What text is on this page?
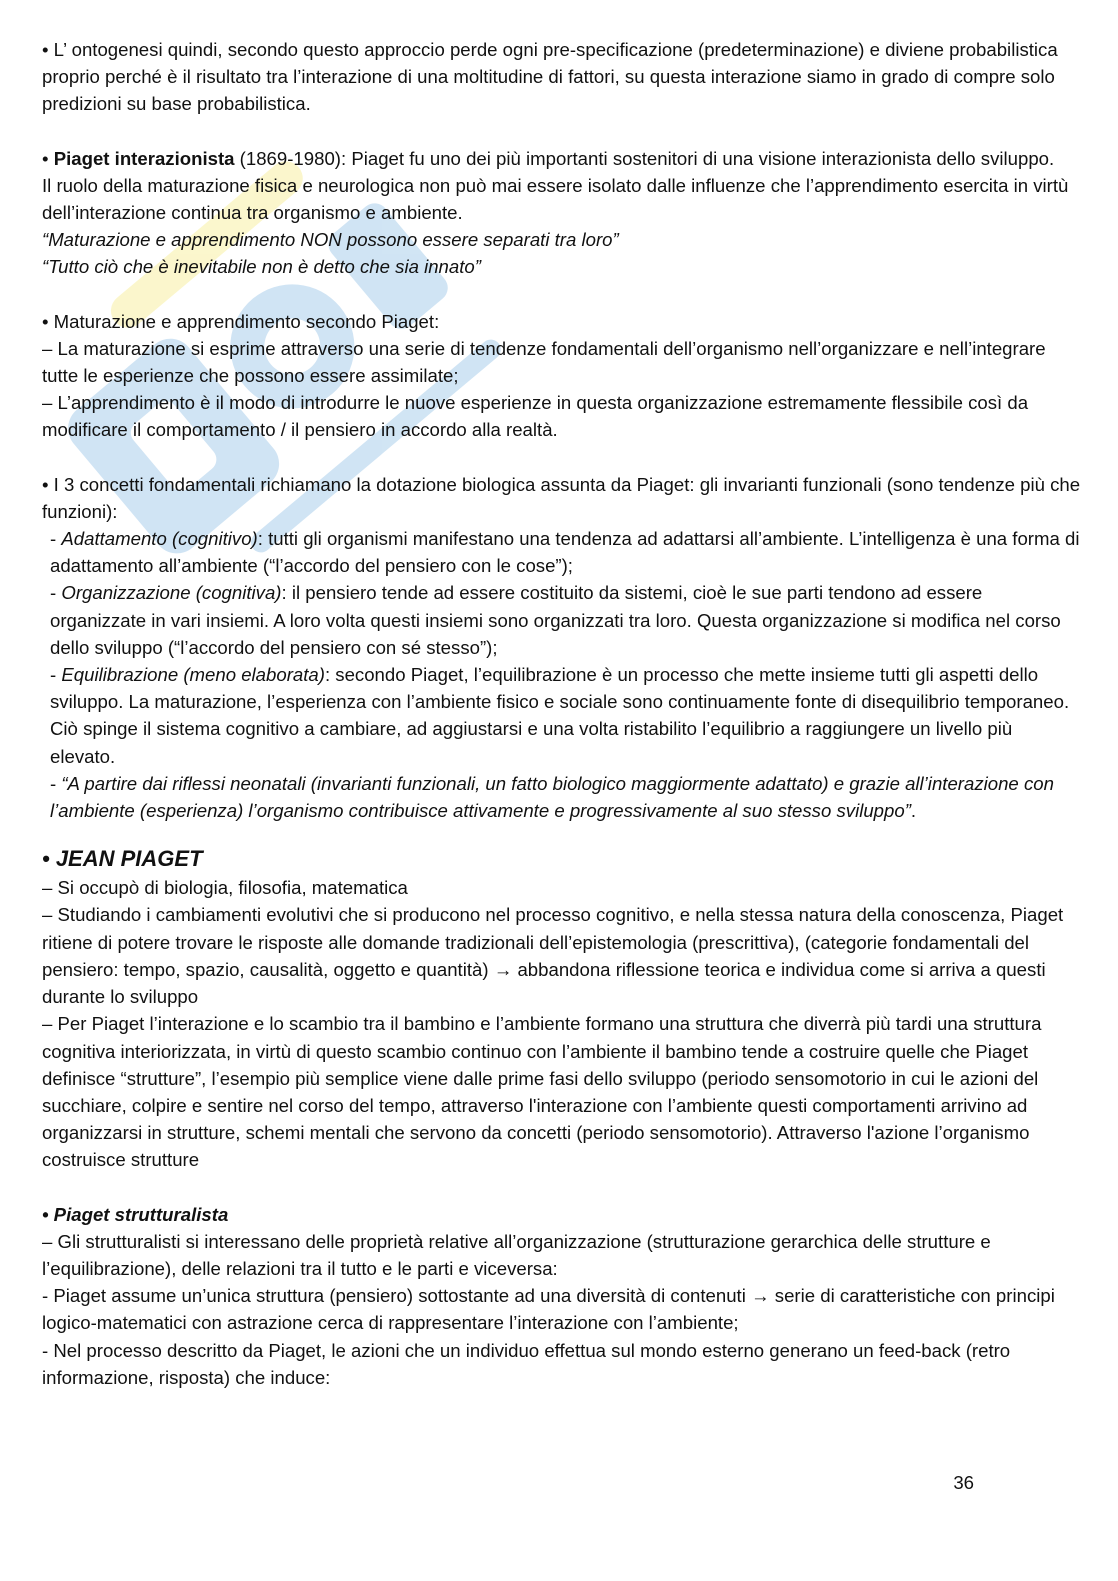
• L’ ontogenesi quindi, secondo questo approccio perde ogni pre-specificazione (predeterminazione) e diviene probabilistica proprio perché è il risultato tra l’interazione di una moltitudine di fattori, su questa interazione siamo in grado di compre solo predizioni su base probabilistica.

• Piaget interazionista (1869-1980): Piaget fu uno dei più importanti sostenitori di una visione interazionista dello sviluppo.

Il ruolo della maturazione fisica e neurologica non può mai essere isolato dalle influenze che l’apprendimento esercita in virtù dell’interazione continua tra organismo e ambiente.

“Maturazione e apprendimento NON possono essere separati tra loro”

“Tutto ciò che è inevitabile non è detto che sia innato”

• Maturazione e apprendimento secondo Piaget:

– La maturazione si esprime attraverso una serie di tendenze fondamentali dell’organismo nell’organizzare e nell’integrare tutte le esperienze che possono essere assimilate;

– L’apprendimento è il modo di introdurre le nuove esperienze in questa organizzazione estremamente flessibile così da modificare il comportamento / il pensiero in accordo alla realtà.

• I 3 concetti fondamentali richiamano la dotazione biologica assunta da Piaget: gli invarianti funzionali (sono tendenze più che funzioni):

- Adattamento (cognitivo): tutti gli organismi manifestano una tendenza ad adattarsi all’ambiente. L’intelligenza è una forma di adattamento all’ambiente (“l’accordo del pensiero con le cose”);

- Organizzazione (cognitiva): il pensiero tende ad essere costituito da sistemi, cioè le sue parti tendono ad essere organizzate in vari insiemi. A loro volta questi insiemi sono organizzati tra loro. Questa organizzazione si modifica nel corso dello sviluppo (“l’accordo del pensiero con sé stesso”);

- Equilibrazione (meno elaborata): secondo Piaget, l’equilibrazione è un processo che mette insieme tutti gli aspetti dello sviluppo. La maturazione, l’esperienza con l’ambiente fisico e sociale sono continuamente fonte di disequilibrio temporaneo. Ciò spinge il sistema cognitivo a cambiare, ad aggiustarsi e una volta ristabilito l’equilibrio a raggiungere un livello più elevato.

- “A partire dai riflessi neonatali (invarianti funzionali, un fatto biologico maggiormente adattato) e grazie all’interazione con l’ambiente (esperienza) l’organismo contribuisce attivamente e progressivamente al suo stesso sviluppo”.

• JEAN PIAGET

– Si occupò di biologia, filosofia, matematica

– Studiando i cambiamenti evolutivi che si producono nel processo cognitivo, e nella stessa natura della conoscenza, Piaget ritiene di potere trovare le risposte alle domande tradizionali dell’epistemologia (prescrittiva), (categorie fondamentali del pensiero: tempo, spazio, causalità, oggetto e quantità) → abbandona riflessione teorica e individua come si arriva a questi durante lo sviluppo

– Per Piaget l’interazione e lo scambio tra il bambino e l’ambiente formano una struttura che diverrà più tardi una struttura cognitiva interiorizzata, in virtù di questo scambio continuo con l’ambiente il bambino tende a costruire quelle che Piaget definisce “strutture”, l’esempio più semplice viene dalle prime fasi dello sviluppo (periodo sensomotorio in cui le azioni del succhiare, colpire e sentire nel corso del tempo, attraverso l'interazione con l’ambiente questi comportamenti arrivino ad organizzarsi in strutture, schemi mentali che servono da concetti (periodo sensomotorio). Attraverso l'azione l’organismo costruisce strutture

• Piaget strutturalista

– Gli strutturalisti si interessano delle proprietà relative all’organizzazione (strutturazione gerarchica delle strutture e l’equilibrazione), delle relazioni tra il tutto e le parti e viceversa:

- Piaget assume un’unica struttura (pensiero) sottostante ad una diversità di contenuti → serie di caratteristiche con principi logico-matematici con astrazione cerca di rappresentare l’interazione con l’ambiente;

- Nel processo descritto da Piaget, le azioni che un individuo effettua sul mondo esterno generano un feed-back (retro informazione, risposta) che induce:

36
